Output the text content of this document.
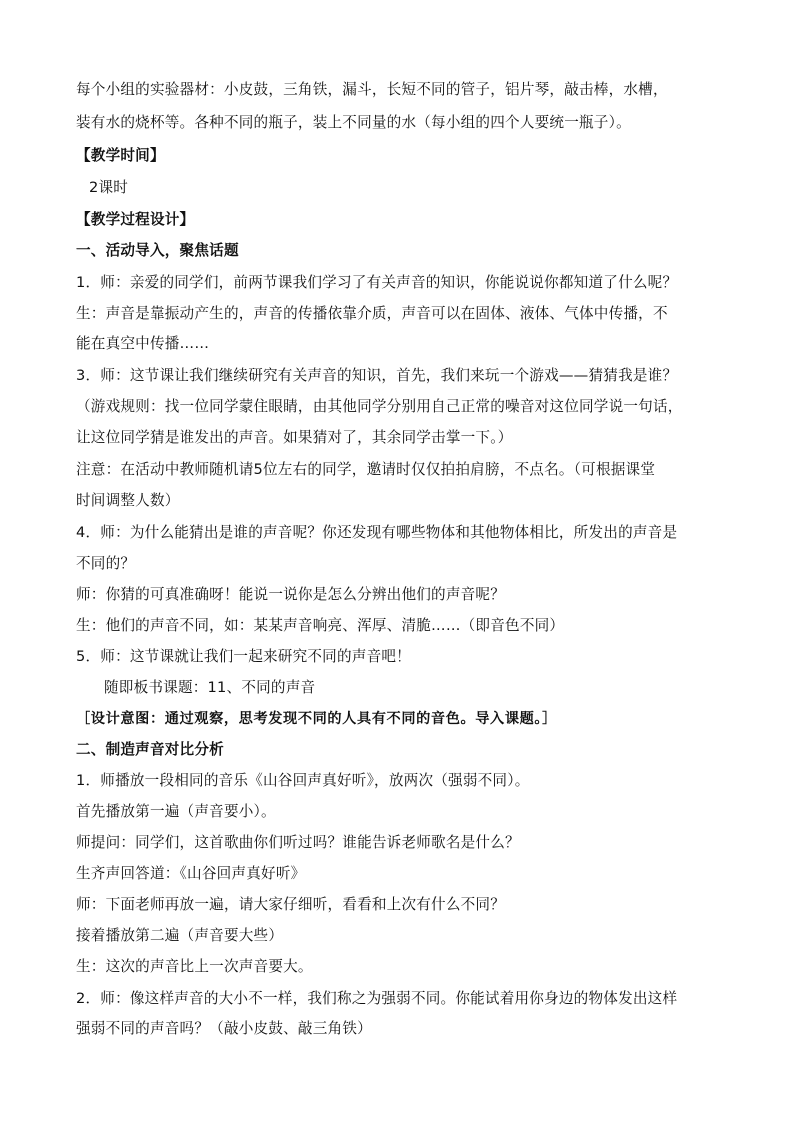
每个小组的实验器材：小皮鼓，三角铁，漏斗，长短不同的管子，铝片琴，敲击棒，水槽，
装有水的烧杯等。各种不同的瓶子，装上不同量的水（每小组的四个人要统一瓶子）。
【教学时间】
2课时
【教学过程设计】
一、活动导入，聚焦话题
1．师：亲爱的同学们，前两节课我们学习了有关声音的知识，你能说说你都知道了什么呢？
生：声音是靠振动产生的，声音的传播依靠介质，声音可以在固体、液体、气体中传播，不
能在真空中传播……
3．师：这节课让我们继续研究有关声音的知识，首先，我们来玩一个游戏——猜猜我是谁？
（游戏规则：找一位同学蒙住眼睛，由其他同学分别用自己正常的噪音对这位同学说一句话，
让这位同学猜是谁发出的声音。如果猜对了，其余同学击掌一下。）
注意：在活动中教师随机请5位左右的同学，邀请时仅仅拍拍肩膀，不点名。（可根据课堂
时间调整人数）
4．师：为什么能猜出是谁的声音呢？你还发现有哪些物体和其他物体相比，所发出的声音是
不同的？
师：你猜的可真准确呀！能说一说你是怎么分辨出他们的声音呢？
生：他们的声音不同，如：某某声音响亮、浑厚、清脆……（即音色不同）
5．师：这节课就让我们一起来研究不同的声音吧！
随即板书课题：11、不同的声音
［设计意图：通过观察，思考发现不同的人具有不同的音色。导入课题。］
二、制造声音对比分析
1．师播放一段相同的音乐《山谷回声真好听》，放两次（强弱不同）。
首先播放第一遍（声音要小）。
师提问：同学们，这首歌曲你们听过吗？谁能告诉老师歌名是什么？
生齐声回答道：《山谷回声真好听》
师：下面老师再放一遍，请大家仔细听，看看和上次有什么不同？
接着播放第二遍（声音要大些）
生：这次的声音比上一次声音要大。
2．师：像这样声音的大小不一样，我们称之为强弱不同。你能试着用你身边的物体发出这样
强弱不同的声音吗？（敲小皮鼓、敲三角铁）
